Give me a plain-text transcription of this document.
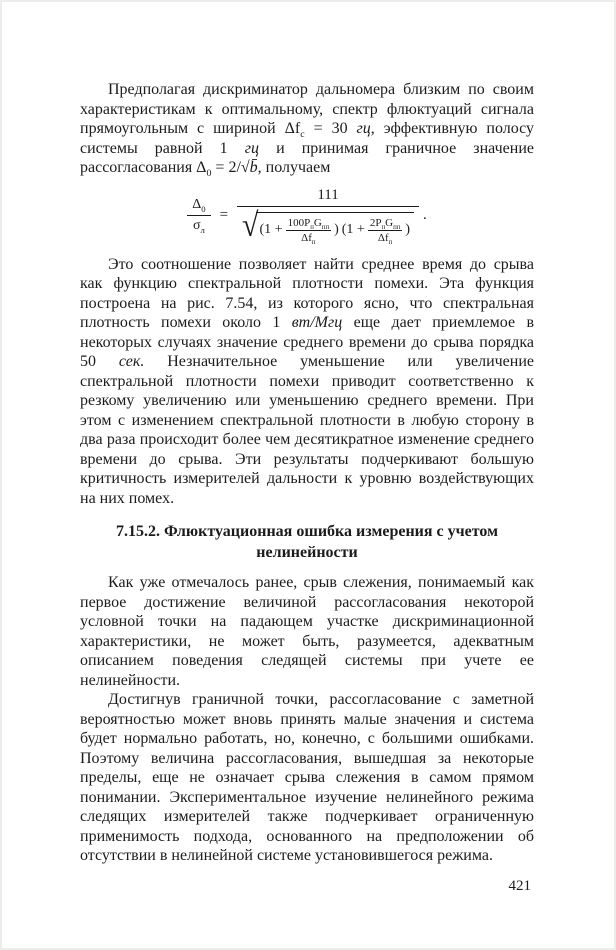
Предполагая дискриминатор дальномера близким по своим характеристикам к оптимальному, спектр флюктуаций сигнала прямоугольным с шириной $\Delta f_с = 30$ гц, эффективную полосу системы равной 1 гц и принимая граничное значение рассогласования $\Delta_0$ = 2/√b̄, получаем

$\frac{\Delta_0}{\sigma_л}$ =
111
√ ($1 + 100P_пG_{пп}$
$\Delta f_п$
) ($1 + 2P_пG_{пп}$
$\Delta f_п$
)
.

Это соотношение позволяет найти среднее время до срыва как функцию спектральной плотности помехи. Эта функция построена на рис. 7.54, из которого ясно, что спектральная плотность помехи около 1 вт/Мгц еще дает приемлемое в некоторых случаях значение среднего времени до срыва порядка 50 сек. Незначительное уменьшение или увеличение спектральной плотности помехи приводит соответственно к резкому увеличению или уменьшению среднего времени. При этом с изменением спектральной плотности в любую сторону в два раза происходит более чем десятикратное изменение среднего времени до срыва. Эти результаты подчеркивают большую критичность измерителей дальности к уровню воздействующих на них помех.

7.15.2. Флюктуационная ошибка измерения с учетом нелинейности

Как уже отмечалось ранее, срыв слежения, понимаемый как первое достижение величиной рассогласования некоторой условной точки на падающем участке дискриминационной характеристики, не может быть, разумеется, адекватным описанием поведения следящей системы при учете ее нелинейности.

Достигнув граничной точки, рассогласование с заметной вероятностью может вновь принять малые значения и система будет нормально работать, но, конечно, с большими ошибками. Поэтому величина рассогласования, вышедшая за некоторые пределы, еще не означает срыва слежения в самом прямом понимании. Экспериментальное изучение нелинейного режима следящих измерителей также подчеркивает ограниченную применимость подхода, основанного на предположении об отсутствии в нелинейной системе установившегося режима.

421
